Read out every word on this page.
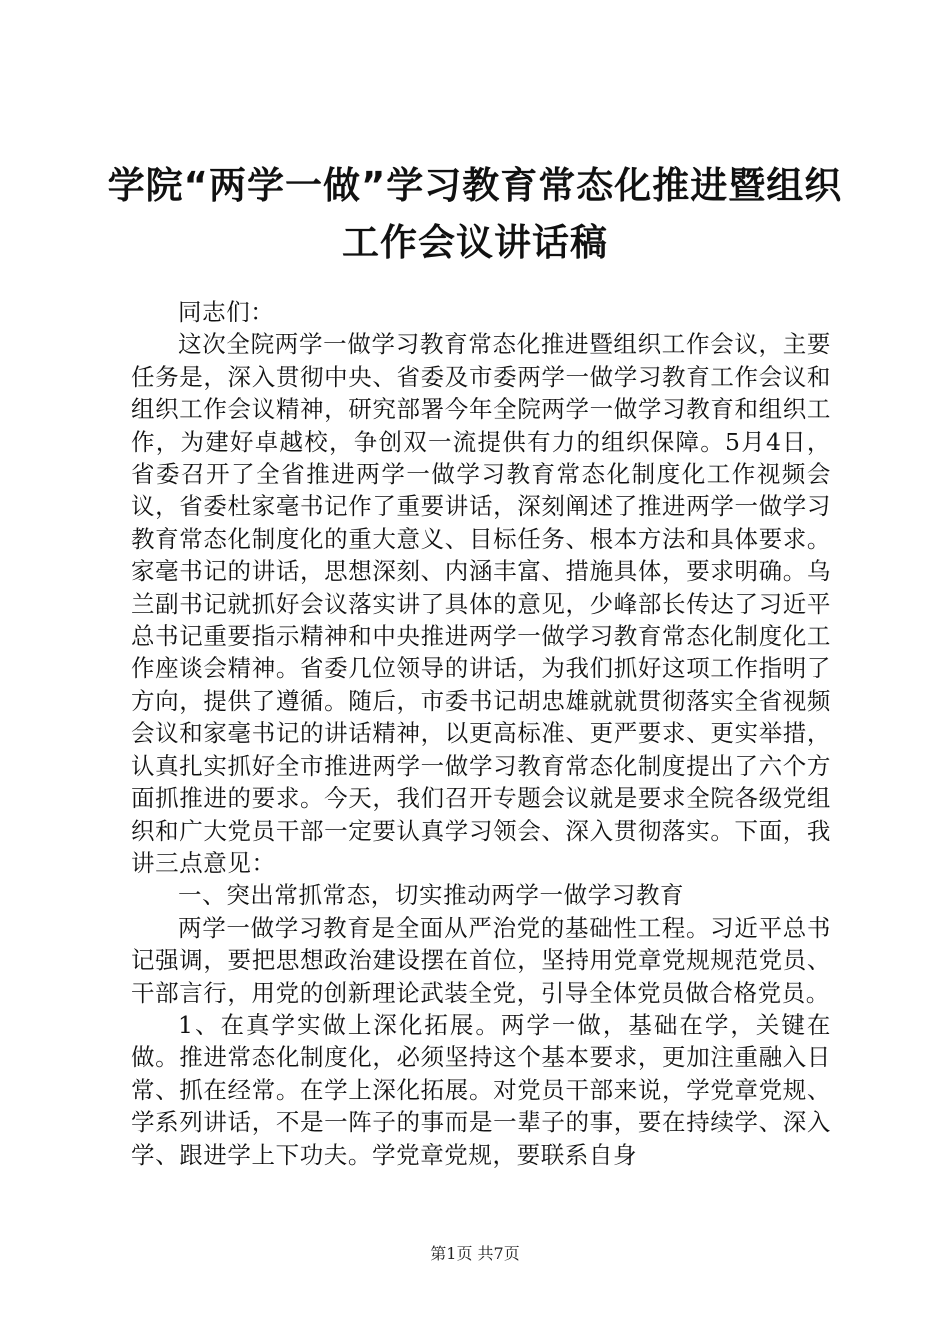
学院“两学一做”学习教育常态化推进暨组织
工作会议讲话稿

同志们：

这次全院两学一做学习教育常态化推进暨组织工作会议，主要任务是，深入贯彻中央、省委及市委两学一做学习教育工作会议和组织工作会议精神，研究部署今年全院两学一做学习教育和组织工作，为建好卓越校，争创双一流提供有力的组织保障。5月4日，省委召开了全省推进两学一做学习教育常态化制度化工作视频会议，省委杜家毫书记作了重要讲话，深刻阐述了推进两学一做学习教育常态化制度化的重大意义、目标任务、根本方法和具体要求。家毫书记的讲话，思想深刻、内涵丰富、措施具体，要求明确。乌兰副书记就抓好会议落实讲了具体的意见，少峰部长传达了习近平总书记重要指示精神和中央推进两学一做学习教育常态化制度化工作座谈会精神。省委几位领导的讲话，为我们抓好这项工作指明了方向，提供了遵循。随后，市委书记胡忠雄就就贯彻落实全省视频会议和家毫书记的讲话精神，以更高标准、更严要求、更实举措，认真扎实抓好全市推进两学一做学习教育常态化制度提出了六个方面抓推进的要求。今天，我们召开专题会议就是要求全院各级党组织和广大党员干部一定要认真学习领会、深入贯彻落实。下面，我讲三点意见：

一、突出常抓常态，切实推动两学一做学习教育

两学一做学习教育是全面从严治党的基础性工程。习近平总书记强调，要把思想政治建设摆在首位，坚持用党章党规规范党员、干部言行，用党的创新理论武装全党，引导全体党员做合格党员。

1、在真学实做上深化拓展。两学一做，基础在学，关键在做。推进常态化制度化，必须坚持这个基本要求，更加注重融入日常、抓在经常。在学上深化拓展。对党员干部来说，学党章党规、学系列讲话，不是一阵子的事而是一辈子的事，要在持续学、深入学、跟进学上下功夫。学党章党规，要联系自身

第1页 共7页
